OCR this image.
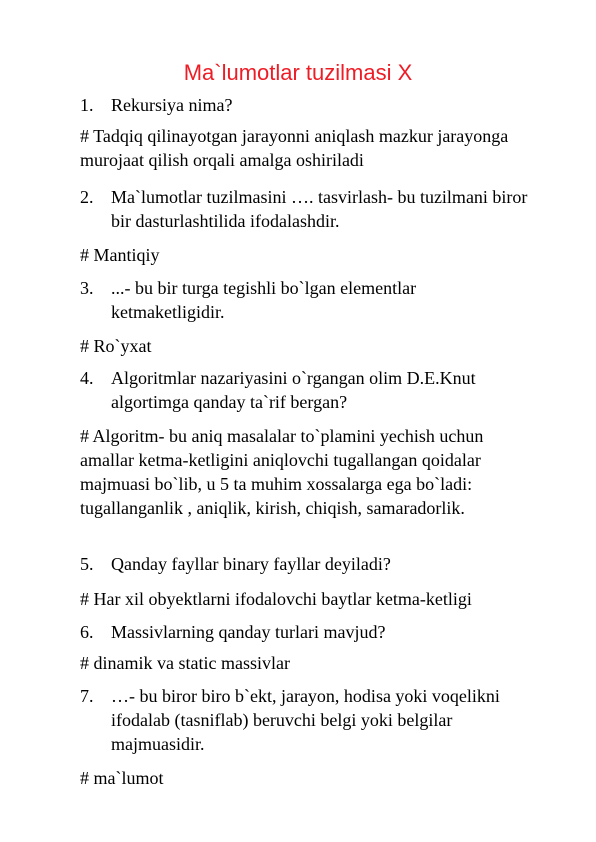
Ma`lumotlar tuzilmasi X
1. Rekursiya nima?
# Tadqiq qilinayotgan jarayonni aniqlash mazkur jarayonga murojaat qilish orqali amalga oshiriladi
2. Ma`lumotlar tuzilmasini …. tasvirlash- bu tuzilmani biror bir dasturlashtilida ifodalashdir.
# Mantiqiy
3. ...- bu bir turga tegishli bo`lgan elementlar ketmaketligidir.
# Ro`yxat
4. Algoritmlar nazariyasini o`rgangan olim D.E.Knut algortimga qanday ta`rif bergan?
# Algoritm- bu aniq masalalar to`plamini yechish uchun amallar ketma-ketligini aniqlovchi tugallangan qoidalar majmuasi bo`lib, u 5 ta muhim xossalarga ega bo`ladi: tugallanganlik , aniqlik, kirish, chiqish, samaradorlik.
5. Qanday fayllar binary fayllar deyiladi?
# Har xil obyektlarni ifodalovchi baytlar ketma-ketligi
6. Massivlarning qanday turlari mavjud?
# dinamik va static massivlar
7. …- bu biror biro b`ekt, jarayon, hodisa yoki voqelikni ifodalab (tasniflab) beruvchi belgi yoki belgilar majmuasidir.
# ma`lumot
